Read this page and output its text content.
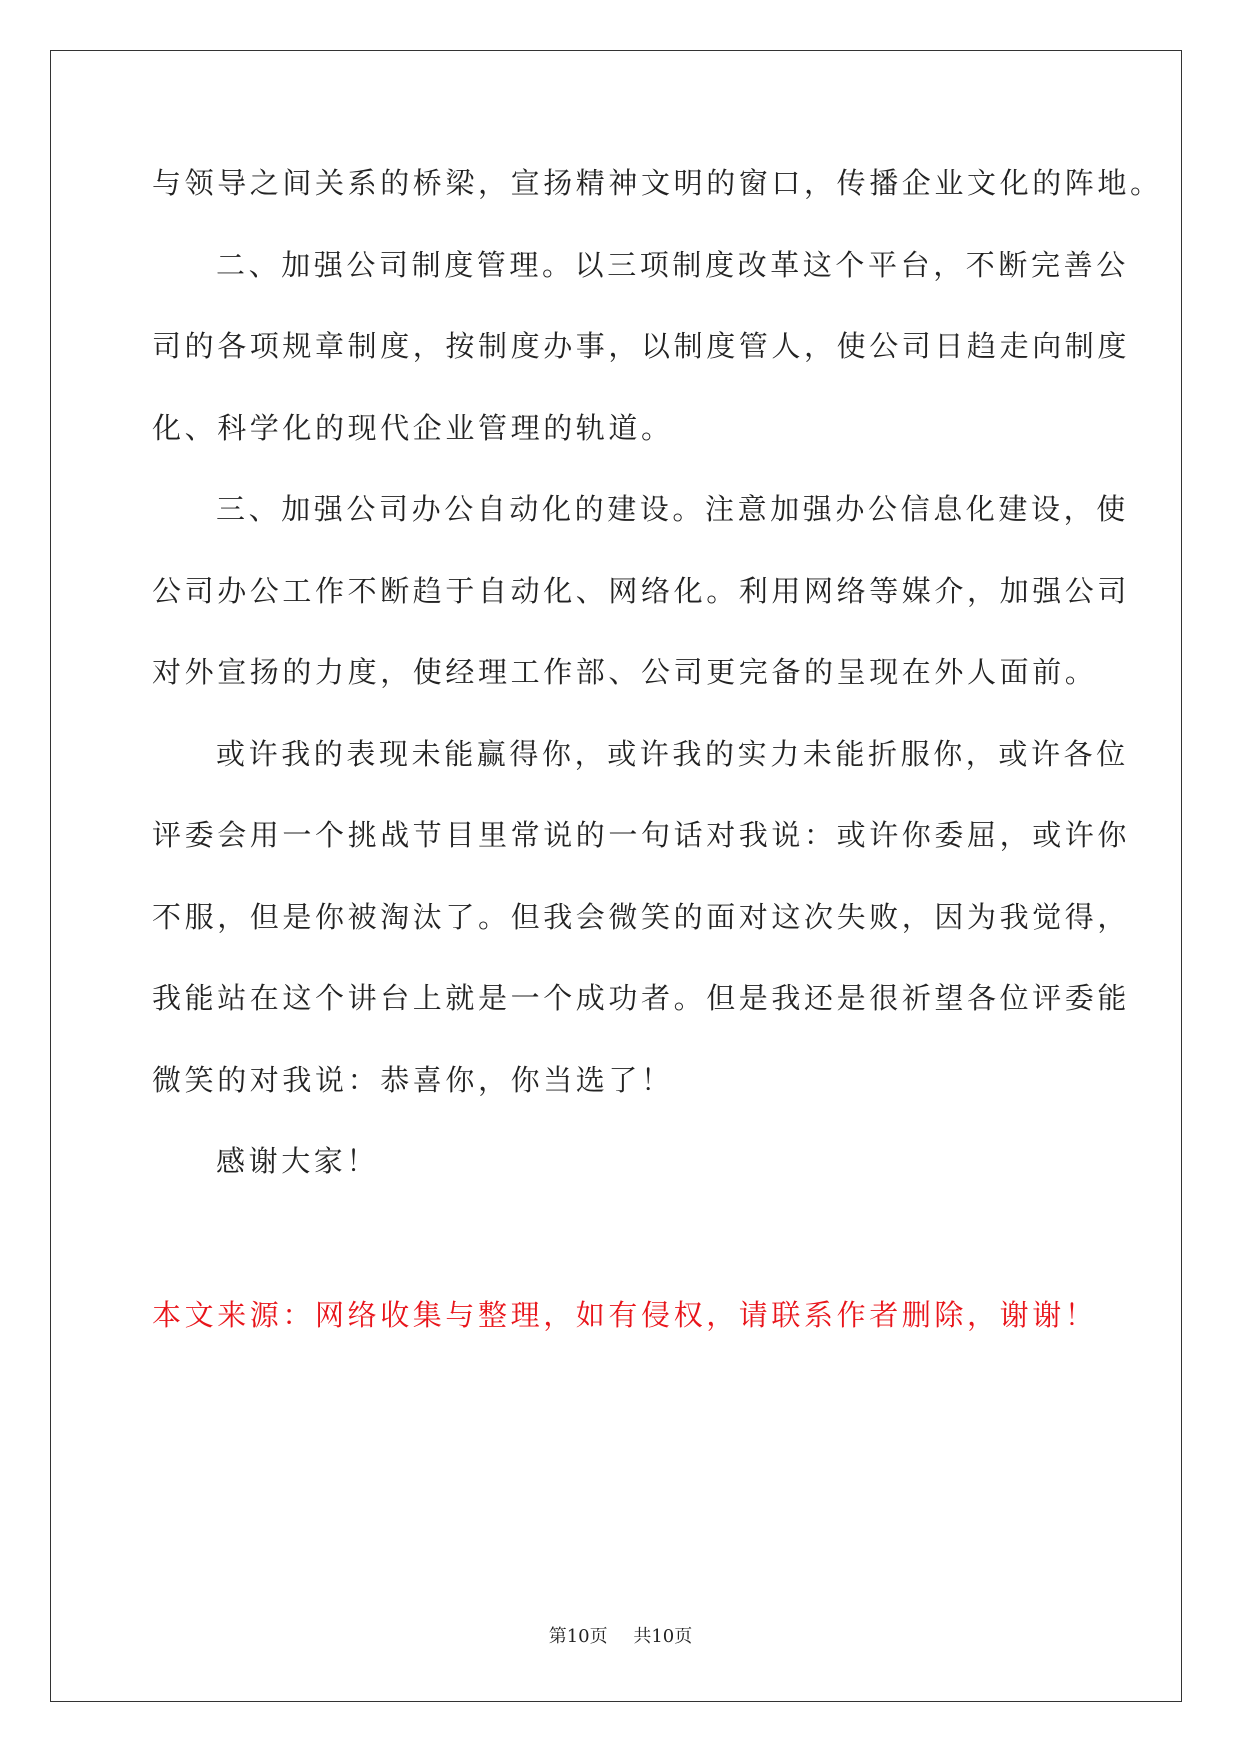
与领导之间关系的桥梁，宣扬精神文明的窗口，传播企业文化的阵地。
二、加强公司制度管理。以三项制度改革这个平台，不断完善公
司的各项规章制度，按制度办事，以制度管人，使公司日趋走向制度
化、科学化的现代企业管理的轨道。
三、加强公司办公自动化的建设。注意加强办公信息化建设，使
公司办公工作不断趋于自动化、网络化。利用网络等媒介，加强公司
对外宣扬的力度，使经理工作部、公司更完备的呈现在外人面前。
或许我的表现未能赢得你，或许我的实力未能折服你，或许各位
评委会用一个挑战节目里常说的一句话对我说：或许你委屈，或许你
不服，但是你被淘汰了。但我会微笑的面对这次失败，因为我觉得，
我能站在这个讲台上就是一个成功者。但是我还是很祈望各位评委能
微笑的对我说：恭喜你，你当选了！
感谢大家！
本文来源：网络收集与整理，如有侵权，请联系作者删除，谢谢！
第10页 共10页
